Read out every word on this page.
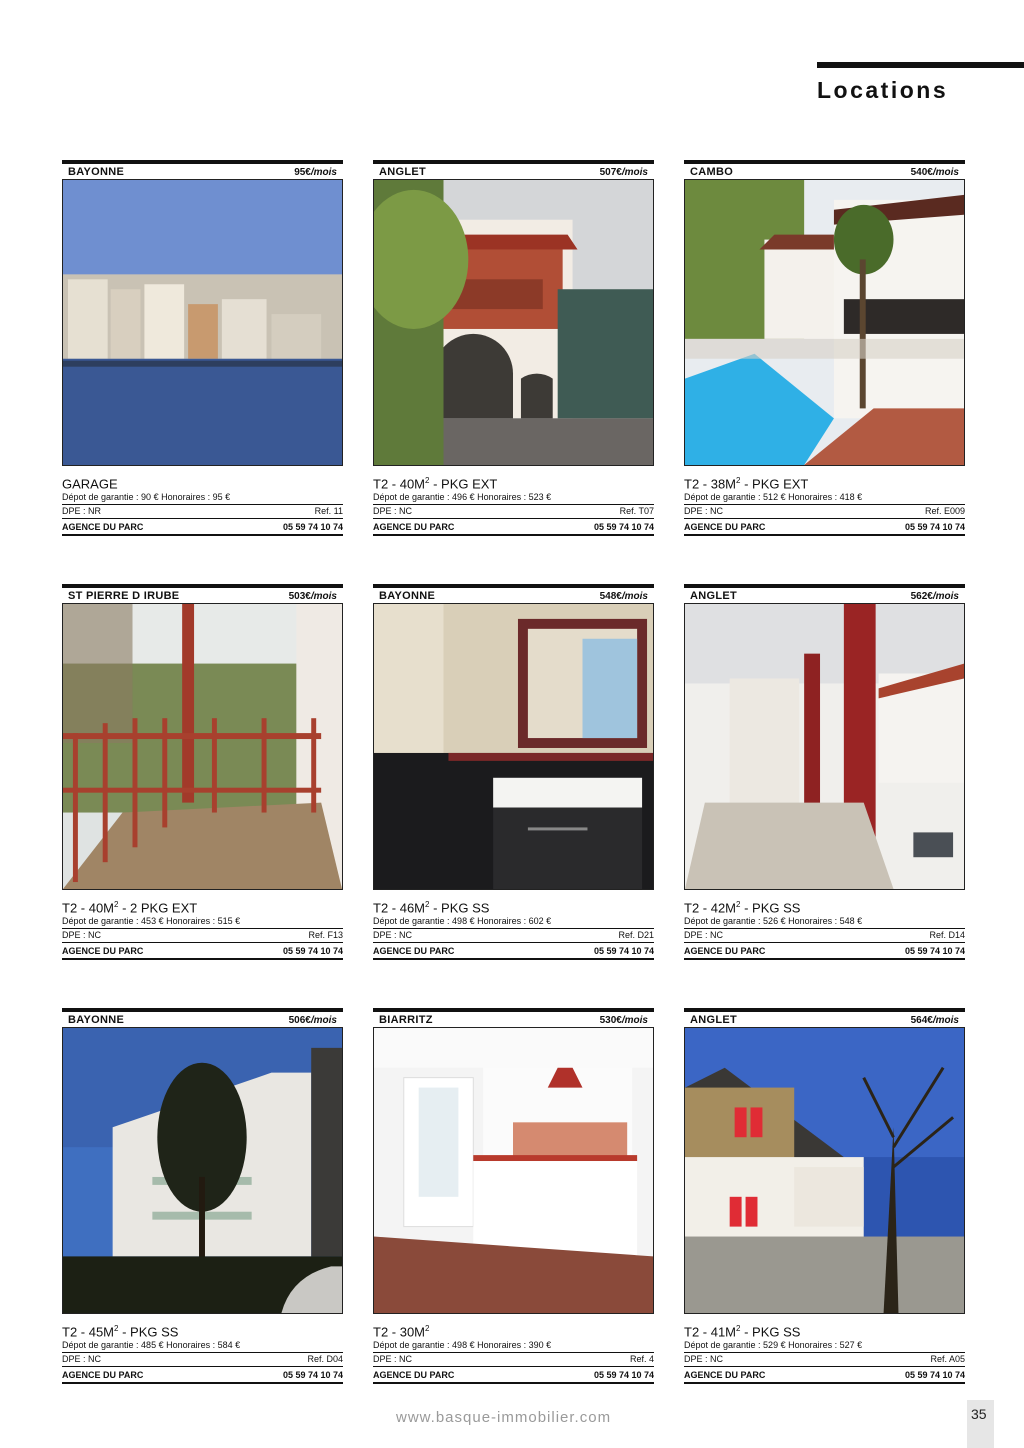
Locations
BAYONNE	95€/mois
GARAGE
Dépot de garantie : 90 € Honoraires : 95 €
DPE : NR	Ref. 11
AGENCE DU PARC	05 59 74 10 74
ANGLET	507€/mois
$T2 - 40M^2$ - PKG EXT
Dépot de garantie : 496 € Honoraires : 523 €
DPE : NC	Ref. T07
AGENCE DU PARC	05 59 74 10 74
CAMBO	540€/mois
$T2 - 38M^2$ - PKG EXT
Dépot de garantie : 512 € Honoraires : 418 €
DPE : NC	Ref. E009
AGENCE DU PARC	05 59 74 10 74
ST PIERRE D IRUBE	503€/mois
$T2 - 40M^2 - 2$ PKG EXT
Dépot de garantie : 453 € Honoraires : 515 €
DPE : NC	Ref. F13
AGENCE DU PARC	05 59 74 10 74
BAYONNE	548€/mois
$T2 - 46M^2$ - PKG SS
Dépot de garantie : 498 € Honoraires : 602 €
DPE : NC	Ref. D21
AGENCE DU PARC	05 59 74 10 74
ANGLET	562€/mois
$T2 - 42M^2$ - PKG SS
Dépot de garantie : 526 € Honoraires : 548 €
DPE : NC	Ref. D14
AGENCE DU PARC	05 59 74 10 74
BAYONNE	506€/mois
$T2 - 45M^2$ - PKG SS
Dépot de garantie : 485 € Honoraires : 584 €
DPE : NC	Ref. D04
AGENCE DU PARC	05 59 74 10 74
BIARRITZ	530€/mois
$T2 - 30M^2$
Dépot de garantie : 498 € Honoraires : 390 €
DPE : NC	Ref. 4
AGENCE DU PARC	05 59 74 10 74
ANGLET	564€/mois
$T2 - 41M^2$ - PKG SS
Dépot de garantie : 529 € Honoraires : 527 €
DPE : NC	Ref. A05
AGENCE DU PARC	05 59 74 10 74
www.basque-immobilier.com	35
